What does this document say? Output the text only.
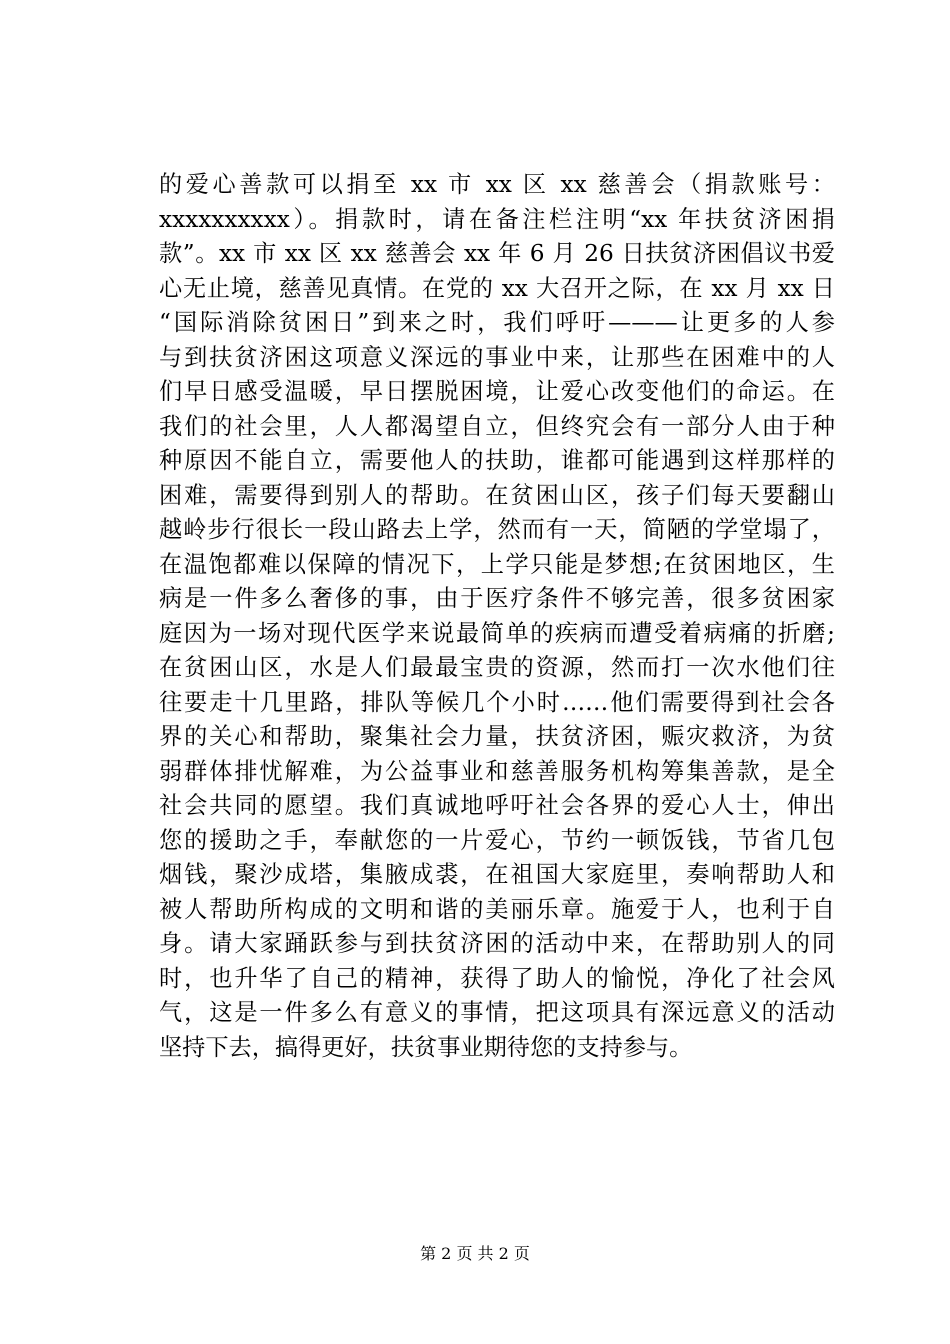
的爱心善款可以捐至 xx 市 xx 区 xx 慈善会（捐款账号：
xxxxxxxxxx）。捐款时，请在备注栏注明“xx 年扶贫济困捐
款”。xx 市 xx 区 xx 慈善会 xx 年 6 月 26 日扶贫济困倡议书爱
心无止境，慈善见真情。在党的 xx 大召开之际，在 xx 月 xx 日
“国际消除贫困日”到来之时，我们呼吁———让更多的人参
与到扶贫济困这项意义深远的事业中来，让那些在困难中的人
们早日感受温暖，早日摆脱困境，让爱心改变他们的命运。在
我们的社会里，人人都渴望自立，但终究会有一部分人由于种
种原因不能自立，需要他人的扶助，谁都可能遇到这样那样的
困难，需要得到别人的帮助。在贫困山区，孩子们每天要翻山
越岭步行很长一段山路去上学，然而有一天，简陋的学堂塌了，
在温饱都难以保障的情况下，上学只能是梦想;在贫困地区，生
病是一件多么奢侈的事，由于医疗条件不够完善，很多贫困家
庭因为一场对现代医学来说最简单的疾病而遭受着病痛的折磨;
在贫困山区，水是人们最最宝贵的资源，然而打一次水他们往
往要走十几里路，排队等候几个小时……他们需要得到社会各
界的关心和帮助，聚集社会力量，扶贫济困，赈灾救济，为贫
弱群体排忧解难，为公益事业和慈善服务机构筹集善款，是全
社会共同的愿望。我们真诚地呼吁社会各界的爱心人士，伸出
您的援助之手，奉献您的一片爱心，节约一顿饭钱，节省几包
烟钱，聚沙成塔，集腋成裘，在祖国大家庭里，奏响帮助人和
被人帮助所构成的文明和谐的美丽乐章。施爱于人，也利于自
身。请大家踊跃参与到扶贫济困的活动中来，在帮助别人的同
时，也升华了自己的精神，获得了助人的愉悦，净化了社会风
气，这是一件多么有意义的事情，把这项具有深远意义的活动
坚持下去，搞得更好，扶贫事业期待您的支持参与。
第 2 页 共 2 页
